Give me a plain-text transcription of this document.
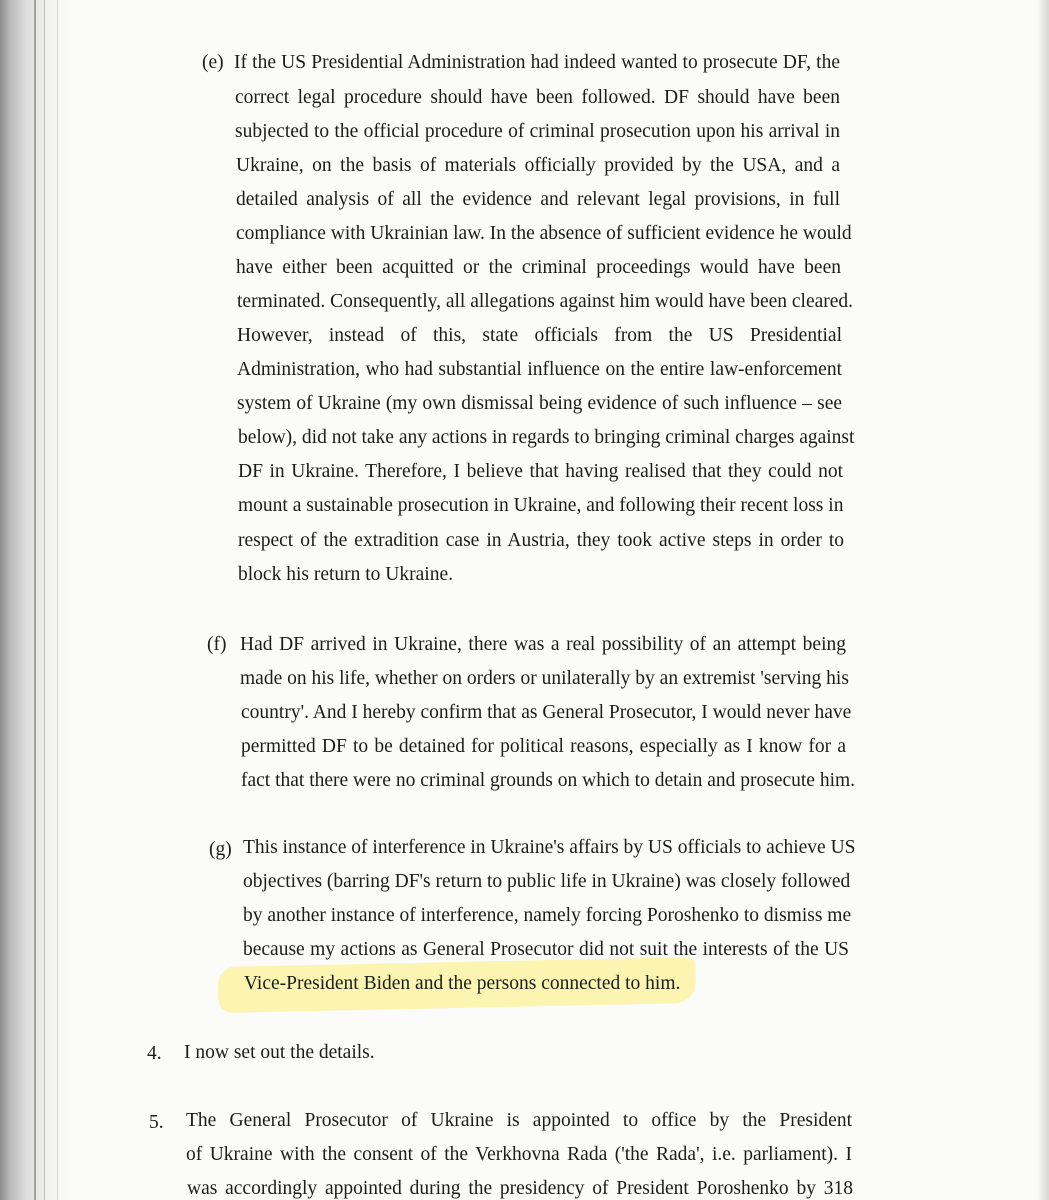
(e) If the US Presidential Administration had indeed wanted to prosecute DF, the
correct legal procedure should have been followed. DF should have been
subjected to the official procedure of criminal prosecution upon his arrival in
Ukraine, on the basis of materials officially provided by the USA, and a
detailed analysis of all the evidence and relevant legal provisions, in full
compliance with Ukrainian law. In the absence of sufficient evidence he would
have either been acquitted or the criminal proceedings would have been
terminated. Consequently, all allegations against him would have been cleared.
However, instead of this, state officials from the US Presidential
Administration, who had substantial influence on the entire law-enforcement
system of Ukraine (my own dismissal being evidence of such influence – see
below), did not take any actions in regards to bringing criminal charges against
DF in Ukraine. Therefore, I believe that having realised that they could not
mount a sustainable prosecution in Ukraine, and following their recent loss in
respect of the extradition case in Austria, they took active steps in order to
block his return to Ukraine.
(f) Had DF arrived in Ukraine, there was a real possibility of an attempt being
made on his life, whether on orders or unilaterally by an extremist 'serving his
country'. And I hereby confirm that as General Prosecutor, I would never have
permitted DF to be detained for political reasons, especially as I know for a
fact that there were no criminal grounds on which to detain and prosecute him.
(g) This instance of interference in Ukraine's affairs by US officials to achieve US
objectives (barring DF's return to public life in Ukraine) was closely followed
by another instance of interference, namely forcing Poroshenko to dismiss me
because my actions as General Prosecutor did not suit the interests of the US
Vice-President Biden and the persons connected to him.
4. I now set out the details.
5. The General Prosecutor of Ukraine is appointed to office by the President
of Ukraine with the consent of the Verkhovna Rada ('the Rada', i.e. parliament). I
was accordingly appointed during the presidency of President Poroshenko by 318
